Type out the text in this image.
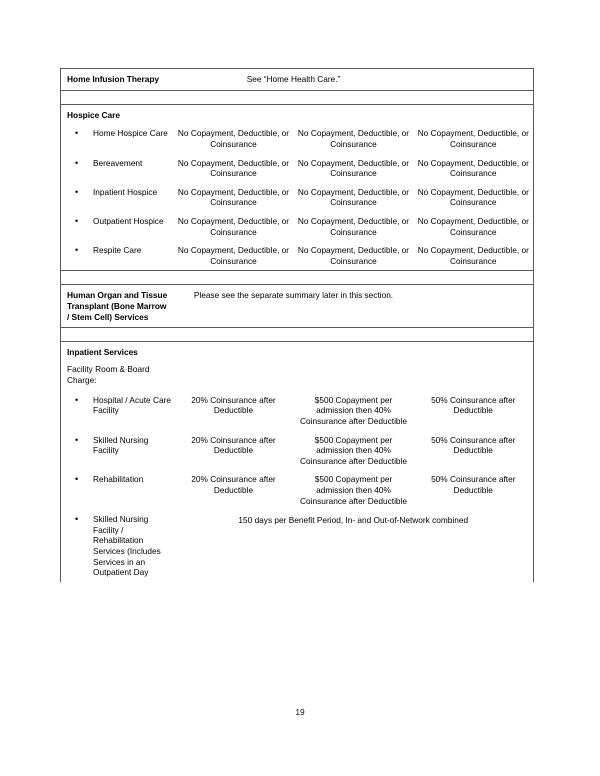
Home Infusion Therapy	See “Home Health Care.”		

Hospice Care			

• Home Hospice Care	No Copayment, Deductible, or Coinsurance	No Copayment, Deductible, or Coinsurance	No Copayment, Deductible, or Coinsurance

• Bereavement	No Copayment, Deductible, or Coinsurance	No Copayment, Deductible, or Coinsurance	No Copayment, Deductible, or Coinsurance

• Inpatient Hospice	No Copayment, Deductible, or Coinsurance	No Copayment, Deductible, or Coinsurance	No Copayment, Deductible, or Coinsurance

• Outpatient Hospice	No Copayment, Deductible, or Coinsurance	No Copayment, Deductible, or Coinsurance	No Copayment, Deductible, or Coinsurance

• Respite Care	No Copayment, Deductible, or Coinsurance	No Copayment, Deductible, or Coinsurance	No Copayment, Deductible, or Coinsurance

Human Organ and Tissue Transplant (Bone Marrow / Stem Cell) Services	Please see the separate summary later in this section.		

Inpatient Services
Facility Room & Board Charge:			

• Hospital / Acute Care Facility	20% Coinsurance after Deductible	$500 Copayment per admission then 40% Coinsurance after Deductible	50% Coinsurance after Deductible

• Skilled Nursing Facility	20% Coinsurance after Deductible	$500 Copayment per admission then 40% Coinsurance after Deductible	50% Coinsurance after Deductible

• Rehabilitation	20% Coinsurance after Deductible	$500 Copayment per admission then 40% Coinsurance after Deductible	50% Coinsurance after Deductible

• Skilled Nursing Facility / Rehabilitation Services (Includes Services in an Outpatient Day	150 days per Benefit Period, In- and Out-of-Network combined		
19
